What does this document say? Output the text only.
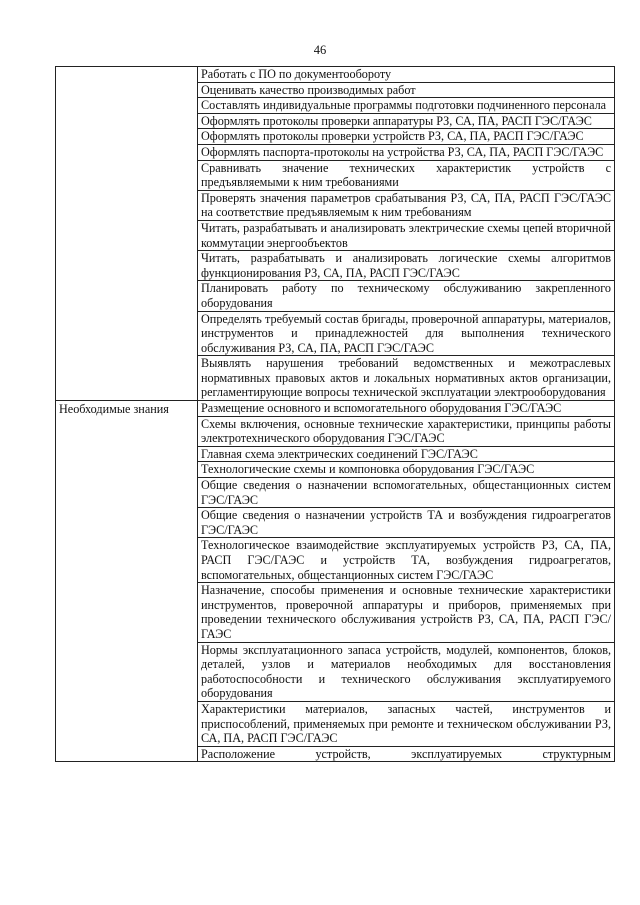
46
	Работать с ПО по документообороту
	Оценивать качество производимых работ
	Составлять индивидуальные программы подготовки подчиненного персонала
	Оформлять протоколы проверки аппаратуры РЗ, СА, ПА, РАСП ГЭС/ГАЭС
	Оформлять протоколы проверки устройств РЗ, СА, ПА, РАСП ГЭС/ГАЭС
	Оформлять паспорта-протоколы на устройства РЗ, СА, ПА, РАСП ГЭС/ГАЭС
	Сравнивать значение технических характеристик устройств с предъявляемыми к ним требованиями
	Проверять значения параметров срабатывания РЗ, СА, ПА, РАСП ГЭС/ГАЭС на соответствие предъявляемым к ним требованиям
	Читать, разрабатывать и анализировать электрические схемы цепей вторичной коммутации энергообъектов
	Читать, разрабатывать и анализировать логические схемы алгоритмов функционирования РЗ, СА, ПА, РАСП ГЭС/ГАЭС
	Планировать работу по техническому обслуживанию закрепленного оборудования
	Определять требуемый состав бригады, проверочной аппаратуры, материалов, инструментов и принадлежностей для выполнения технического обслуживания РЗ, СА, ПА, РАСП ГЭС/ГАЭС
	Выявлять нарушения требований ведомственных и межотраслевых нормативных правовых актов и локальных нормативных актов организации, регламентирующие вопросы технической эксплуатации электрооборудования

Необходимые знания	Размещение основного и вспомогательного оборудования ГЭС/ГАЭС
	Схемы включения, основные технические характеристики, принципы работы электротехнического оборудования ГЭС/ГАЭС
	Главная схема электрических соединений ГЭС/ГАЭС
	Технологические схемы и компоновка оборудования ГЭС/ГАЭС
	Общие сведения о назначении вспомогательных, общестанционных систем ГЭС/ГАЭС
	Общие сведения о назначении устройств ТА и возбуждения гидроагрегатов ГЭС/ГАЭС
	Технологическое взаимодействие эксплуатируемых устройств РЗ, СА, ПА, РАСП ГЭС/ГАЭС и устройств ТА, возбуждения гидроагрегатов, вспомогательных, общестанционных систем ГЭС/ГАЭС
	Назначение, способы применения и основные технические характеристики инструментов, проверочной аппаратуры и приборов, применяемых при проведении технического обслуживания устройств РЗ, СА, ПА, РАСП ГЭС/ГАЭС
	Нормы эксплуатационного запаса устройств, модулей, компонентов, блоков, деталей, узлов и материалов необходимых для восстановления работоспособности и технического обслуживания эксплуатируемого оборудования
	Характеристики материалов, запасных частей, инструментов и приспособлений, применяемых при ремонте и техническом обслуживании РЗ, СА, ПА, РАСП ГЭС/ГАЭС
	Расположение устройств, эксплуатируемых структурным
